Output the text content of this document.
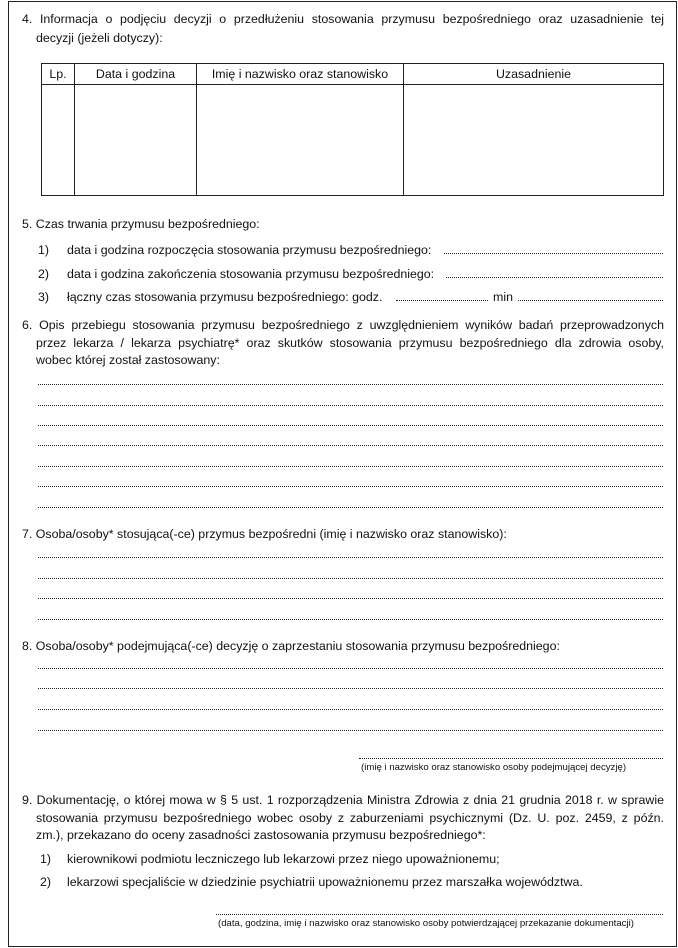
4. Informacja o podjęciu decyzji o przedłużeniu stosowania przymusu bezpośredniego oraz uzasadnienie tej
decyzji (jeżeli dotyczy):
Lp.	Data i godzina	Imię i nazwisko oraz stanowisko	Uzasadnienie

5. Czas trwania przymusu bezpośredniego:
1) data i godzina rozpoczęcia stosowania przymusu bezpośredniego:
2) data i godzina zakończenia stosowania przymusu bezpośredniego:
3) łączny czas stosowania przymusu bezpośredniego: godz.	min
6. Opis przebiegu stosowania przymusu bezpośredniego z uwzględnieniem wyników badań przeprowadzonych
przez lekarza / lekarza psychiatrę* oraz skutków stosowania przymusu bezpośredniego dla zdrowia osoby,
wobec której został zastosowany:
7. Osoba/osoby* stosująca(-ce) przymus bezpośredni (imię i nazwisko oraz stanowisko):
8. Osoba/osoby* podejmująca(-ce) decyzję o zaprzestaniu stosowania przymusu bezpośredniego:
(imię i nazwisko oraz stanowisko osoby podejmującej decyzję)
9. Dokumentację, o której mowa w § 5 ust. 1 rozporządzenia Ministra Zdrowia z dnia 21 grudnia 2018 r. w sprawie
stosowania przymusu bezpośredniego wobec osoby z zaburzeniami psychicznymi (Dz. U. poz. 2459, z późn.
zm.), przekazano do oceny zasadności zastosowania przymusu bezpośredniego*:
1) kierownikowi podmiotu leczniczego lub lekarzowi przez niego upoważnionemu;
2) lekarzowi specjaliście w dziedzinie psychiatrii upoważnionemu przez marszałka województwa.
(data, godzina, imię i nazwisko oraz stanowisko osoby potwierdzającej przekazanie dokumentacji)
